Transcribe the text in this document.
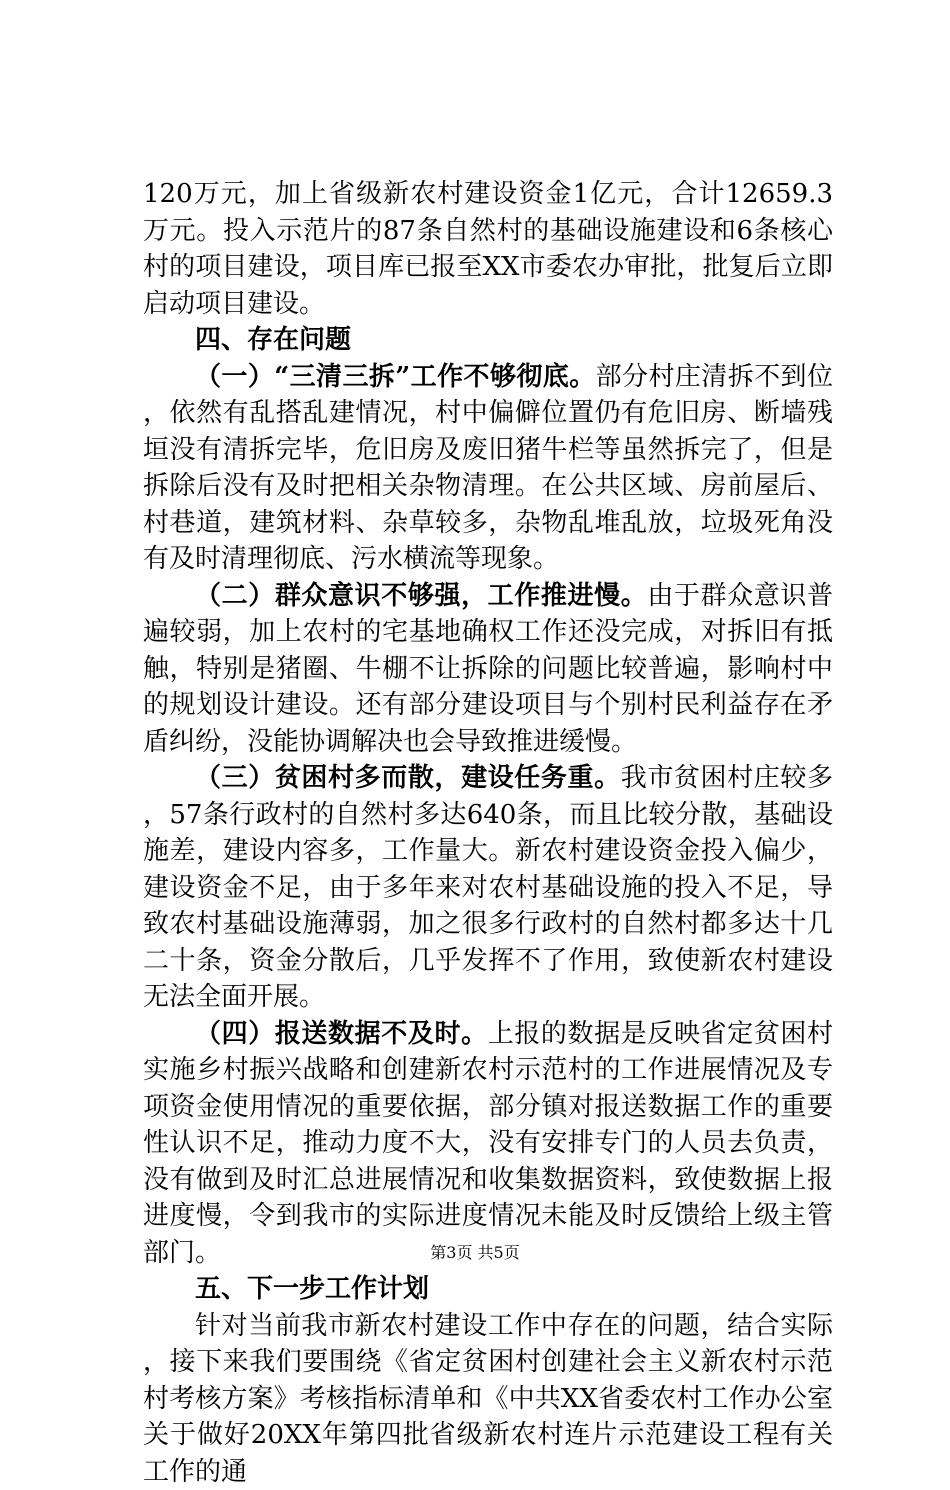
120万元，加上省级新农村建设资金1亿元，合计12659.3万元。投入示范片的87条自然村的基础设施建设和6条核心村的项目建设，项目库已报至XX市委农办审批，批复后立即启动项目建设。

四、存在问题

（一）“三清三拆”工作不够彻底。部分村庄清拆不到位，依然有乱搭乱建情况，村中偏僻位置仍有危旧房、断墙残垣没有清拆完毕，危旧房及废旧猪牛栏等虽然拆完了，但是拆除后没有及时把相关杂物清理。在公共区域、房前屋后、村巷道，建筑材料、杂草较多，杂物乱堆乱放，垃圾死角没有及时清理彻底、污水横流等现象。

（二）群众意识不够强，工作推进慢。由于群众意识普遍较弱，加上农村的宅基地确权工作还没完成，对拆旧有抵触，特别是猪圈、牛棚不让拆除的问题比较普遍，影响村中的规划设计建设。还有部分建设项目与个别村民利益存在矛盾纠纷，没能协调解决也会导致推进缓慢。

（三）贫困村多而散，建设任务重。我市贫困村庄较多，57条行政村的自然村多达640条，而且比较分散，基础设施差，建设内容多，工作量大。新农村建设资金投入偏少，建设资金不足，由于多年来对农村基础设施的投入不足，导致农村基础设施薄弱，加之很多行政村的自然村都多达十几二十条，资金分散后，几乎发挥不了作用，致使新农村建设无法全面开展。

（四）报送数据不及时。上报的数据是反映省定贫困村实施乡村振兴战略和创建新农村示范村的工作进展情况及专项资金使用情况的重要依据，部分镇对报送数据工作的重要性认识不足，推动力度不大，没有安排专门的人员去负责，没有做到及时汇总进展情况和收集数据资料，致使数据上报进度慢，令到我市的实际进度情况未能及时反馈给上级主管部门。

五、下一步工作计划

针对当前我市新农村建设工作中存在的问题，结合实际，接下来我们要围绕《省定贫困村创建社会主义新农村示范村考核方案》考核指标清单和《中共XX省委农村工作办公室关于做好20XX年第四批省级新农村连片示范建设工程有关工作的通

第3页 共5页
